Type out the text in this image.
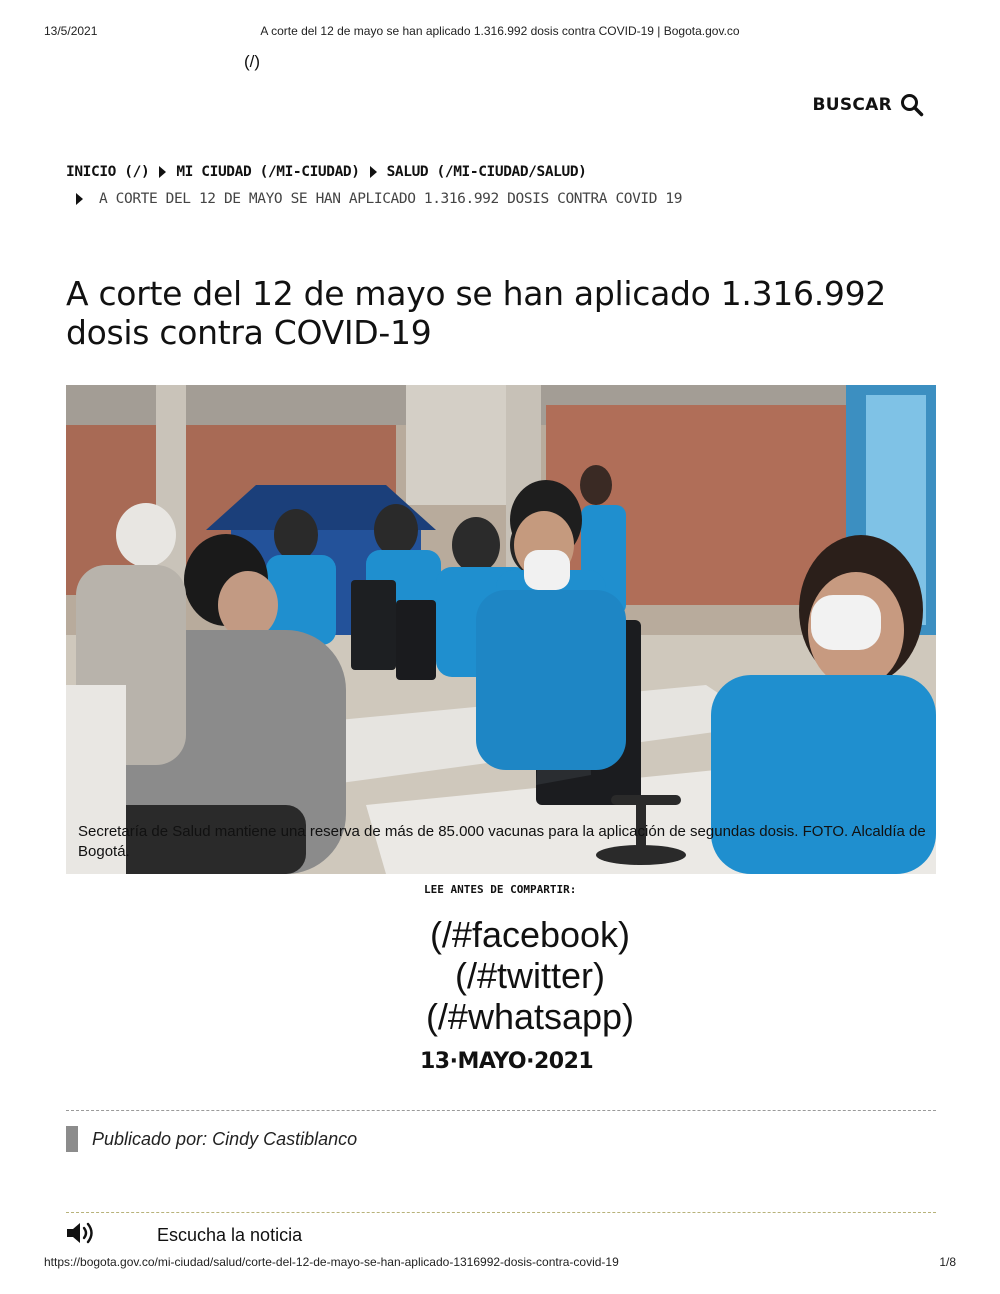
13/5/2021	A corte del 12 de mayo se han aplicado 1.316.992 dosis contra COVID-19 | Bogota.gov.co
(/)
BUSCAR
INICIO (/) MI CIUDAD (/MI-CIUDAD) SALUD (/MI-CIUDAD/SALUD)
A CORTE DEL 12 DE MAYO SE HAN APLICADO 1.316.992 DOSIS CONTRA COVID 19
A corte del 12 de mayo se han aplicado 1.316.992 dosis contra COVID-19
Secretaría de Salud mantiene una reserva de más de 85.000 vacunas para la aplicación de segundas dosis. FOTO. Alcaldía de Bogotá.
LEE ANTES DE COMPARTIR:
(/#facebook)
(/#twitter)
(/#whatsapp)
13·MAYO·2021
Publicado por: Cindy Castiblanco
Escucha la noticia
https://bogota.gov.co/mi-ciudad/salud/corte-del-12-de-mayo-se-han-aplicado-1316992-dosis-contra-covid-19	1/8
